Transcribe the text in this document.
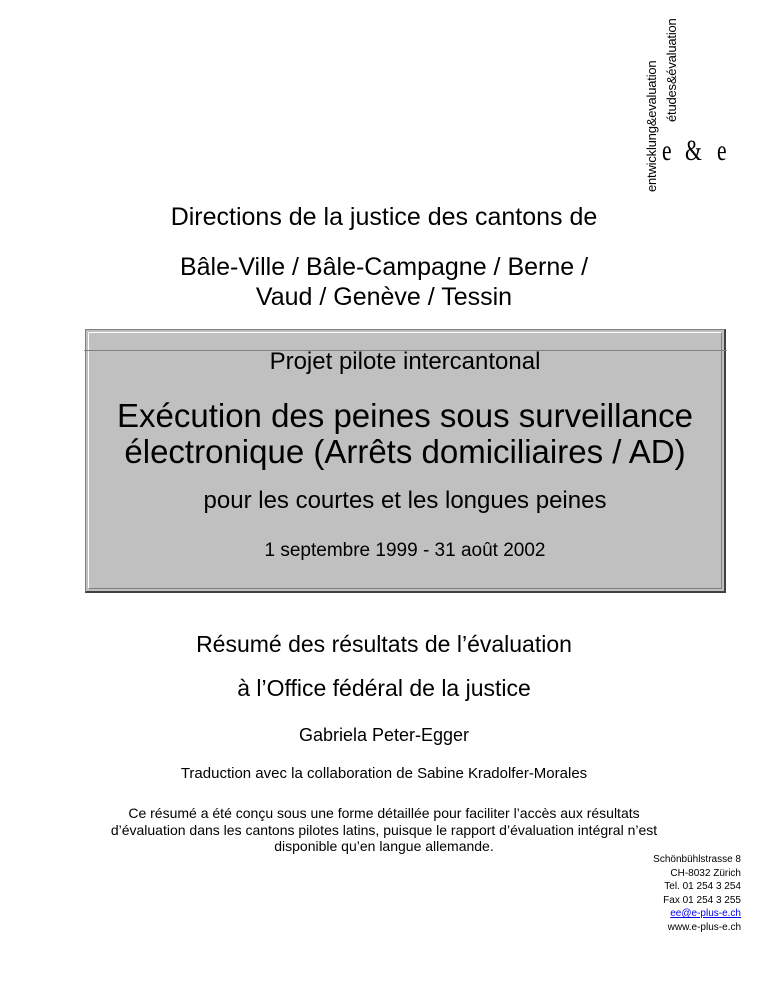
entwicklung&evaluation études&évaluation
e & e
Directions de la justice des cantons de
Bâle-Ville / Bâle-Campagne / Berne /
Vaud / Genève / Tessin
Projet pilote intercantonal
Exécution des peines sous surveillance
électronique (Arrêts domiciliaires / AD)
pour les courtes et les longues peines
1 septembre 1999 - 31 août 2002
Résumé des résultats de l’évaluation
à l’Office fédéral de la justice
Gabriela Peter-Egger
Traduction avec la collaboration de Sabine Kradolfer-Morales
Ce résumé a été conçu sous une forme détaillée pour faciliter l’accès aux résultats
d’évaluation dans les cantons pilotes latins, puisque le rapport d’évaluation intégral n’est
disponible qu’en langue allemande.
Schönbühlstrasse 8
CH-8032 Zürich
Tel. 01 254 3 254
Fax 01 254 3 255
ee@e-plus-e.ch
www.e-plus-e.ch
